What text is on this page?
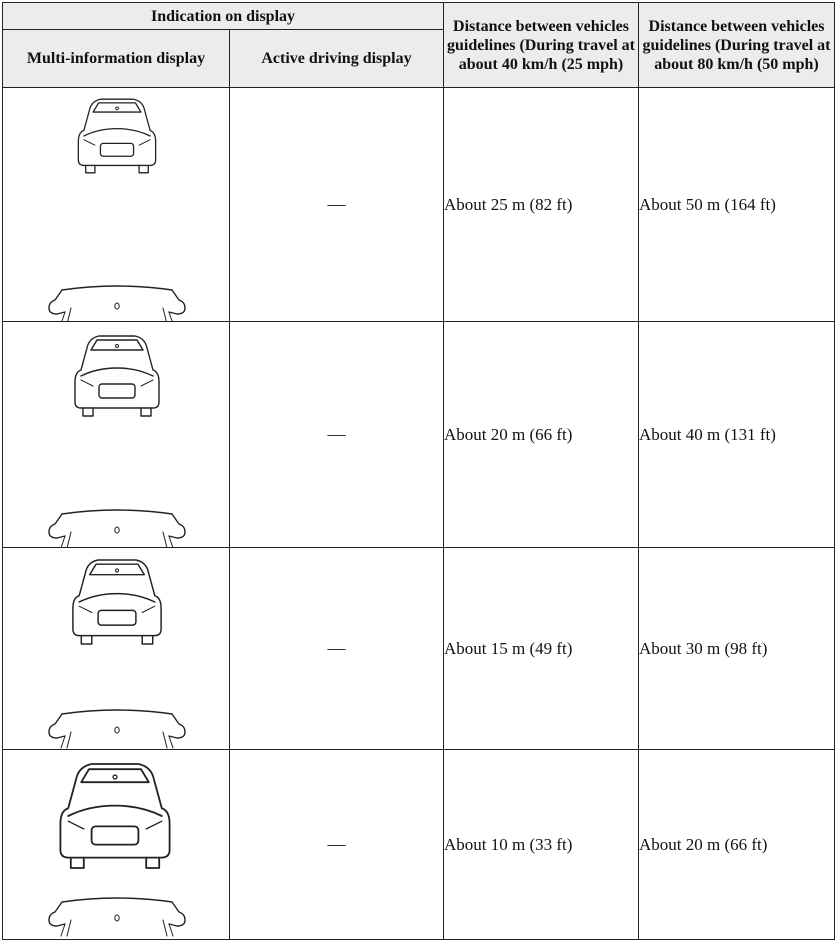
Indication on display		Distance between vehicles guidelines (During travel at about 40 km/h (25 mph)	Distance between vehicles guidelines (During travel at about 80 km/h (50 mph)
Multi-information display	Active driving display		

	—	About 25 m (82 ft)	About 50 m (164 ft)

	—	About 20 m (66 ft)	About 40 m (131 ft)

	—	About 15 m (49 ft)	About 30 m (98 ft)

	—	About 10 m (33 ft)	About 20 m (66 ft)
